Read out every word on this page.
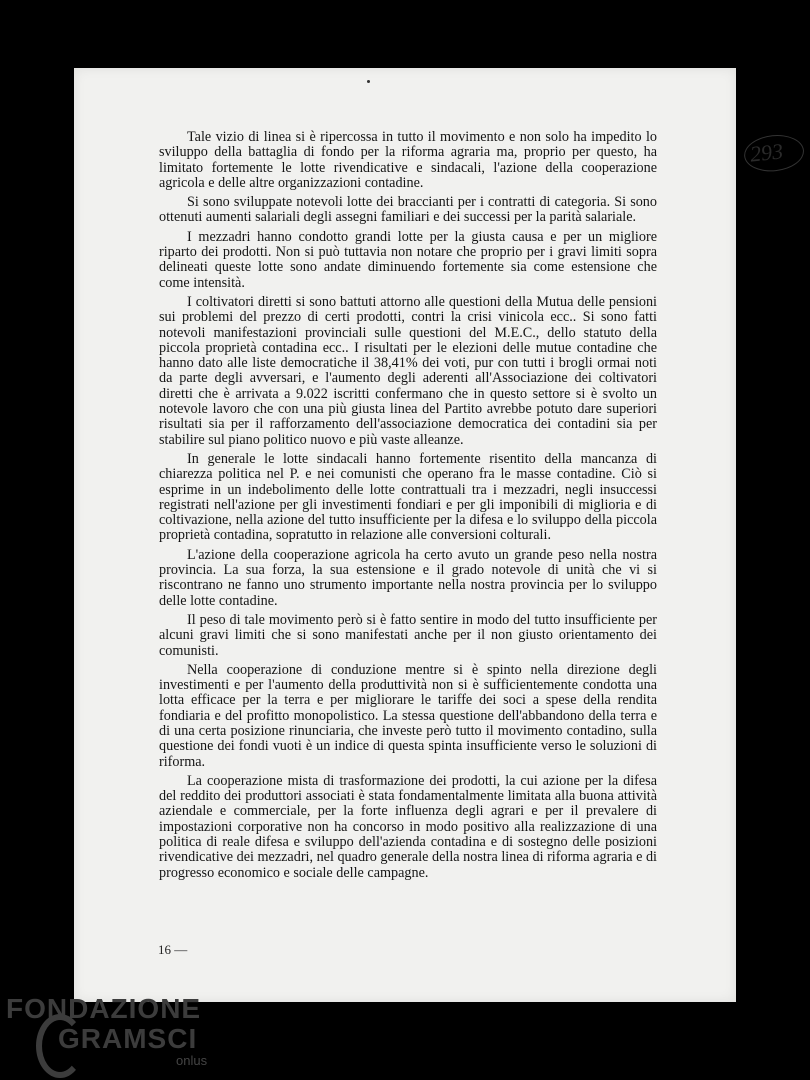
293

Tale vizio di linea si è ripercossa in tutto il movimento e non solo ha impedito lo sviluppo della battaglia di fondo per la riforma agraria ma, proprio per questo, ha limitato fortemente le lotte rivendicative e sindacali, l'azione della cooperazione agricola e delle altre organizzazioni contadine.

Si sono sviluppate notevoli lotte dei braccianti per i contratti di categoria. Si sono ottenuti aumenti salariali degli assegni familiari e dei successi per la parità salariale.

I mezzadri hanno condotto grandi lotte per la giusta causa e per un migliore riparto dei prodotti. Non si può tuttavia non notare che proprio per i gravi limiti sopra delineati queste lotte sono andate diminuendo fortemente sia come estensione che come intensità.

I coltivatori diretti si sono battuti attorno alle questioni della Mutua delle pensioni sui problemi del prezzo di certi prodotti, contri la crisi vinicola ecc.. Si sono fatti notevoli manifestazioni provinciali sulle questioni del M.E.C., dello statuto della piccola proprietà contadina ecc.. I risultati per le elezioni delle mutue contadine che hanno dato alle liste democratiche il 38,41% dei voti, pur con tutti i brogli ormai noti da parte degli avversari, e l'aumento degli aderenti all'Associazione dei coltivatori diretti che è arrivata a 9.022 iscritti confermano che in questo settore si è svolto un notevole lavoro che con una più giusta linea del Partito avrebbe potuto dare superiori risultati sia per il rafforzamento dell'associazione democratica dei contadini sia per stabilire sul piano politico nuovo e più vaste alleanze.

In generale le lotte sindacali hanno fortemente risentito della mancanza di chiarezza politica nel P. e nei comunisti che operano fra le masse contadine. Ciò si esprime in un indebolimento delle lotte contrattuali tra i mezzadri, negli insuccessi registrati nell'azione per gli investimenti fondiari e per gli imponibili di miglioria e di coltivazione, nella azione del tutto insufficiente per la difesa e lo sviluppo della piccola proprietà contadina, sopratutto in relazione alle conversioni colturali.

L'azione della cooperazione agricola ha certo avuto un grande peso nella nostra provincia. La sua forza, la sua estensione e il grado notevole di unità che vi si riscontrano ne fanno uno strumento importante nella nostra provincia per lo sviluppo delle lotte contadine.

Il peso di tale movimento però si è fatto sentire in modo del tutto insufficiente per alcuni gravi limiti che si sono manifestati anche per il non giusto orientamento dei comunisti.

Nella cooperazione di conduzione mentre si è spinto nella direzione degli investimenti e per l'aumento della produttività non si è sufficientemente condotta una lotta efficace per la terra e per migliorare le tariffe dei soci a spese della rendita fondiaria e del profitto monopolistico. La stessa questione dell'abbandono della terra e di una certa posizione rinunciaria, che investe però tutto il movimento contadino, sulla questione dei fondi vuoti è un indice di questa spinta insufficiente verso le soluzioni di riforma.

La cooperazione mista di trasformazione dei prodotti, la cui azione per la difesa del reddito dei produttori associati è stata fondamentalmente limitata alla buona attività aziendale e commerciale, per la forte influenza degli agrari e per il prevalere di impostazioni corporative non ha concorso in modo positivo alla realizzazione di una politica di reale difesa e sviluppo dell'azienda contadina e di sostegno delle posizioni rivendicative dei mezzadri, nel quadro generale della nostra linea di riforma agraria e di progresso economico e sociale delle campagne.

16 —
FONDAZIONE
GRAMSCI
onlus
